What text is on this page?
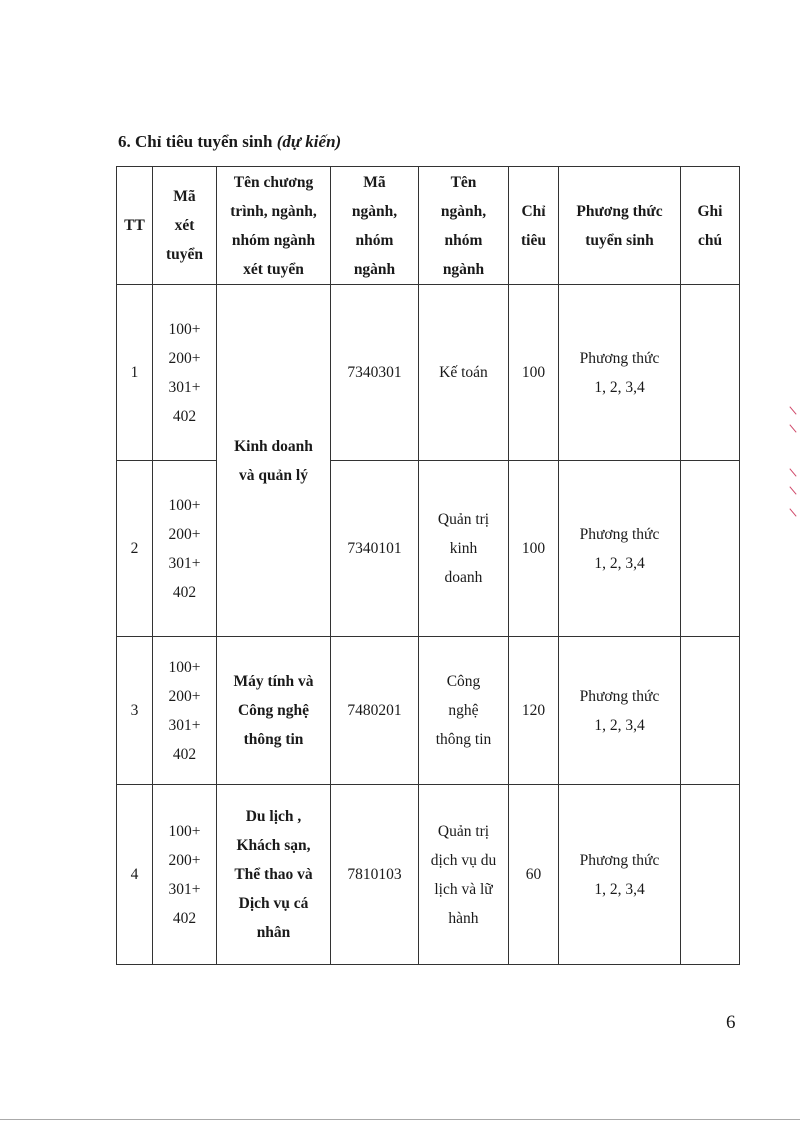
6. Chỉ tiêu tuyển sinh (dự kiến)
TT	Mã
xét
tuyển	Tên chương
trình, ngành,
nhóm ngành
xét tuyển	Mã
ngành,
nhóm
ngành	Tên
ngành,
nhóm
ngành	Chỉ
tiêu	Phương thức
tuyển sinh	Ghi
chú
1	100+
200+
301+
402	Kinh doanh
và quản lý	7340301	Kế toán	100	Phương thức
1, 2, 3,4	
2	100+
200+
301+
402		7340101	Quản trị
kinh
doanh	100	Phương thức
1, 2, 3,4	
3	100+
200+
301+
402	Máy tính và
Công nghệ
thông tin	7480201	Công
nghệ
thông tin	120	Phương thức
1, 2, 3,4	
4	100+
200+
301+
402	Du lịch ,
Khách sạn,
Thể thao và
Dịch vụ cá
nhân	7810103	Quản trị
dịch vụ du
lịch và lữ
hành	60	Phương thức
1, 2, 3,4	
6
